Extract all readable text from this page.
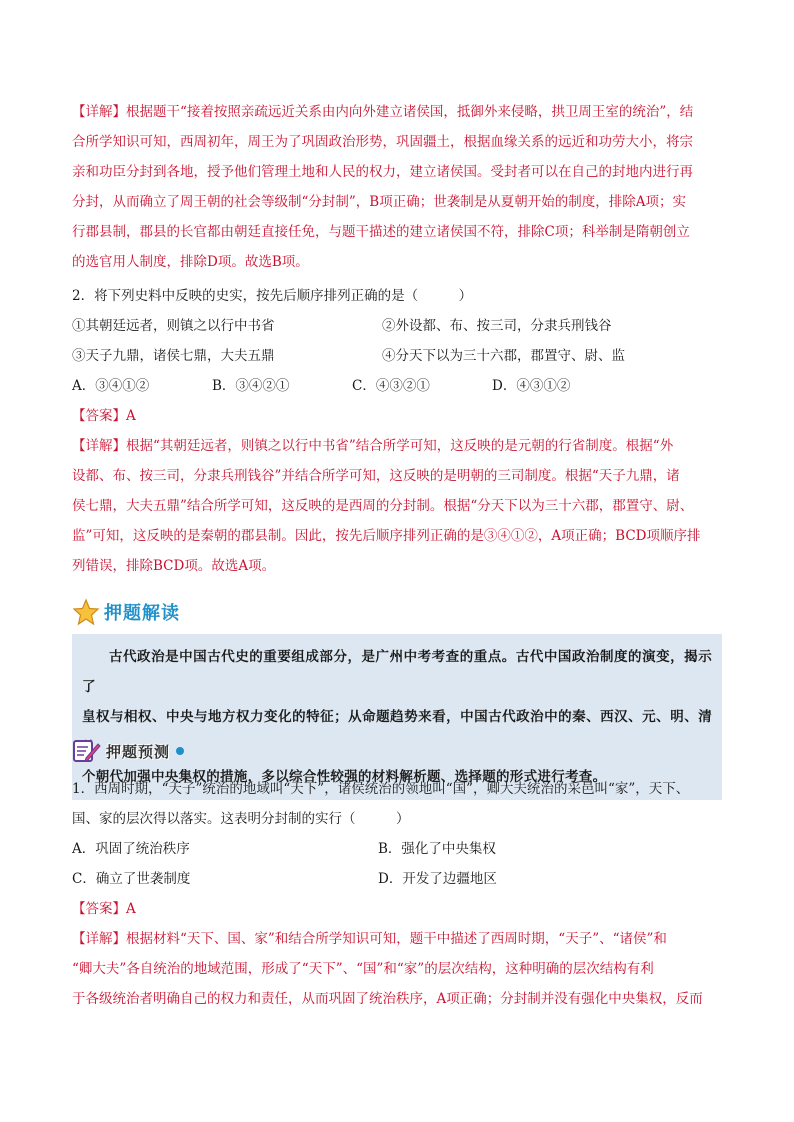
【详解】根据题干“接着按照亲疏远近关系由内向外建立诸侯国，抵御外来侵略，拱卫周王室的统治”，结

合所学知识可知，西周初年，周王为了巩固政治形势，巩固疆土，根据血缘关系的远近和功劳大小，将宗

亲和功臣分封到各地，授予他们管理土地和人民的权力，建立诸侯国。受封者可以在自己的封地内进行再

分封，从而确立了周王朝的社会等级制“分封制”，B项正确；世袭制是从夏朝开始的制度，排除A项；实

行郡县制，郡县的长官都由朝廷直接任免，与题干描述的建立诸侯国不符，排除C项；科举制是隋朝创立

的选官用人制度，排除D项。故选B项。

2．将下列史料中反映的史实，按先后顺序排列正确的是（　　　）

①其朝廷远者，则镇之以行中书省	②外设都、布、按三司，分隶兵刑钱谷
③天子九鼎，诸侯七鼎，大夫五鼎	④分天下以为三十六郡，郡置守、尉、监
A．③④①②	B．③④②①	C．④③②①	D．④③①②

【答案】A

【详解】根据“其朝廷远者，则镇之以行中书省”结合所学可知，这反映的是元朝的行省制度。根据“外

设都、布、按三司，分隶兵刑钱谷”并结合所学可知，这反映的是明朝的三司制度。根据“天子九鼎，诸

侯七鼎，大夫五鼎”结合所学可知，这反映的是西周的分封制。根据“分天下以为三十六郡，郡置守、尉、

监”可知，这反映的是秦朝的郡县制。因此，按先后顺序排列正确的是③④①②，A项正确；BCD项顺序排

列错误，排除BCD项。故选A项。

押题解读

古代政治是中国古代史的重要组成部分，是广州中考考查的重点。古代中国政治制度的演变，揭示了
皇权与相权、中央与地方权力变化的特征；从命题趋势来看，中国古代政治中的秦、西汉、元、明、清
个朝代加强中央集权的措施，多以综合性较强的材料解析题、选择题的形式进行考查。

押题预测

1．西周时期，“天子”统治的地域叫“天下”，诸侯统治的领地叫“国”，卿大夫统治的采邑叫“家”，天下、

国、家的层次得以落实。这表明分封制的实行（　　　）

A．巩固了统治秩序	B．强化了中央集权
C．确立了世袭制度	D．开发了边疆地区

【答案】A

【详解】根据材料“天下、国、家”和结合所学知识可知，题干中描述了西周时期，“天子”、“诸侯”和

“卿大夫”各自统治的地域范围，形成了“天下”、“国”和“家”的层次结构，这种明确的层次结构有利

于各级统治者明确自己的权力和责任，从而巩固了统治秩序，A项正确；分封制并没有强化中央集权，反而
